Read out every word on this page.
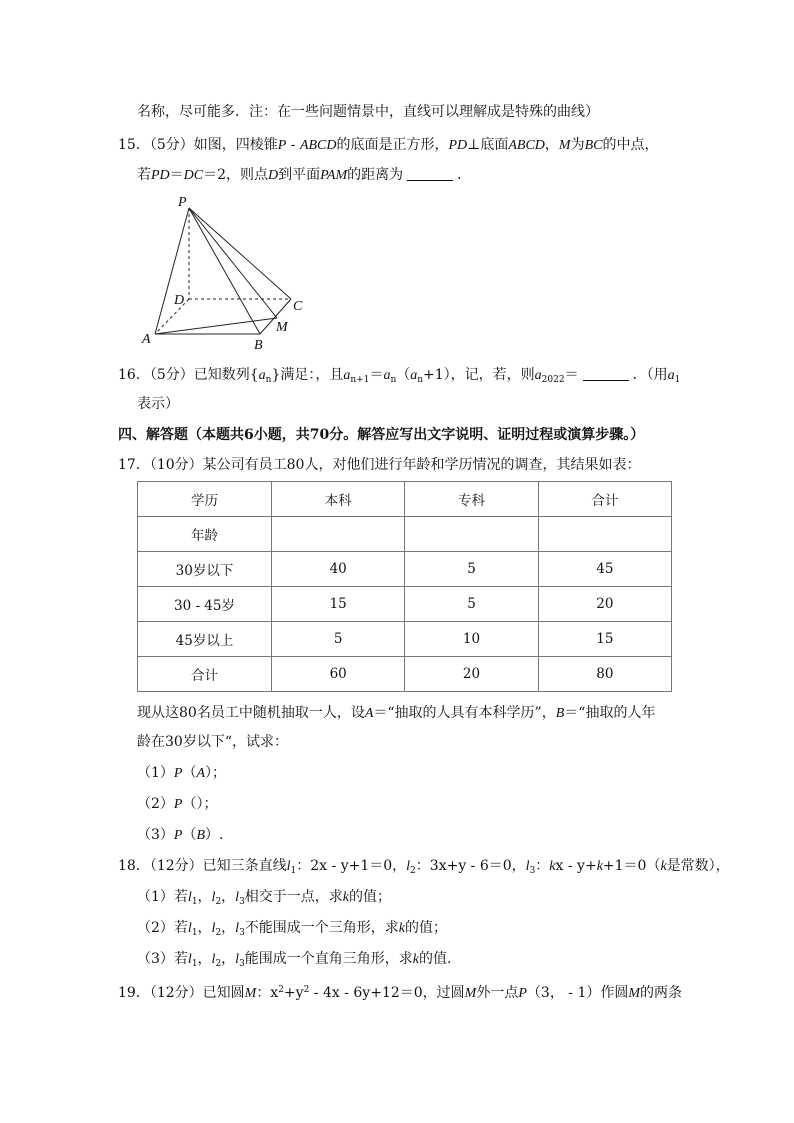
名称，尽可能多．注：在一些问题情景中，直线可以理解成是特殊的曲线）
15．（5分）如图，四棱锥P - ABCD的底面是正方形，PD⊥底面ABCD，M为BC的中点，
若PD＝DC＝2，则点D到平面PAM的距离为	．
P
D	C
A	B
M
16．（5分）已知数列$\{a_n\}$满足：，且$a_{n+1}=a_n(a_n+1)$，记，若，则$a_{2022}=$	．（用$a_1$
表示）
四、解答题（本题共6小题，共70分。解答应写出文字说明、证明过程或演算步骤。）
17．（10分）某公司有员工80人，对他们进行年龄和学历情况的调查，其结果如表：
学历	本科	专科	合计
年龄			
30岁以下	40	5	45
30 - 45岁	15	5	20
45岁以上	5	10	15
合计	60	20	80
现从这80名员工中随机抽取一人，设A＝“抽取的人具有本科学历”，B＝“抽取的人年
龄在30岁以下“，试求：
（1）P（A）；
（2）P（）；
（3）P（B）.
18．（12分）已知三条直线$l_1$：2x - y+1＝0，$l_2$：3x+y - 6＝0，$l_3$：kx - y+k+1＝0（k是常数），
（1）若$l_1$，$l_2$，$l_3$相交于一点，求k的值；
（2）若$l_1$，$l_2$，$l_3$不能围成一个三角形，求k的值；
（3）若$l_1$，$l_2$，$l_3$能围成一个直角三角形，求k的值.
19．（12分）已知圆M：$x^2+y^2 - 4x - 6y+12=0$，过圆M外一点P（3， - 1）作圆M的两条
